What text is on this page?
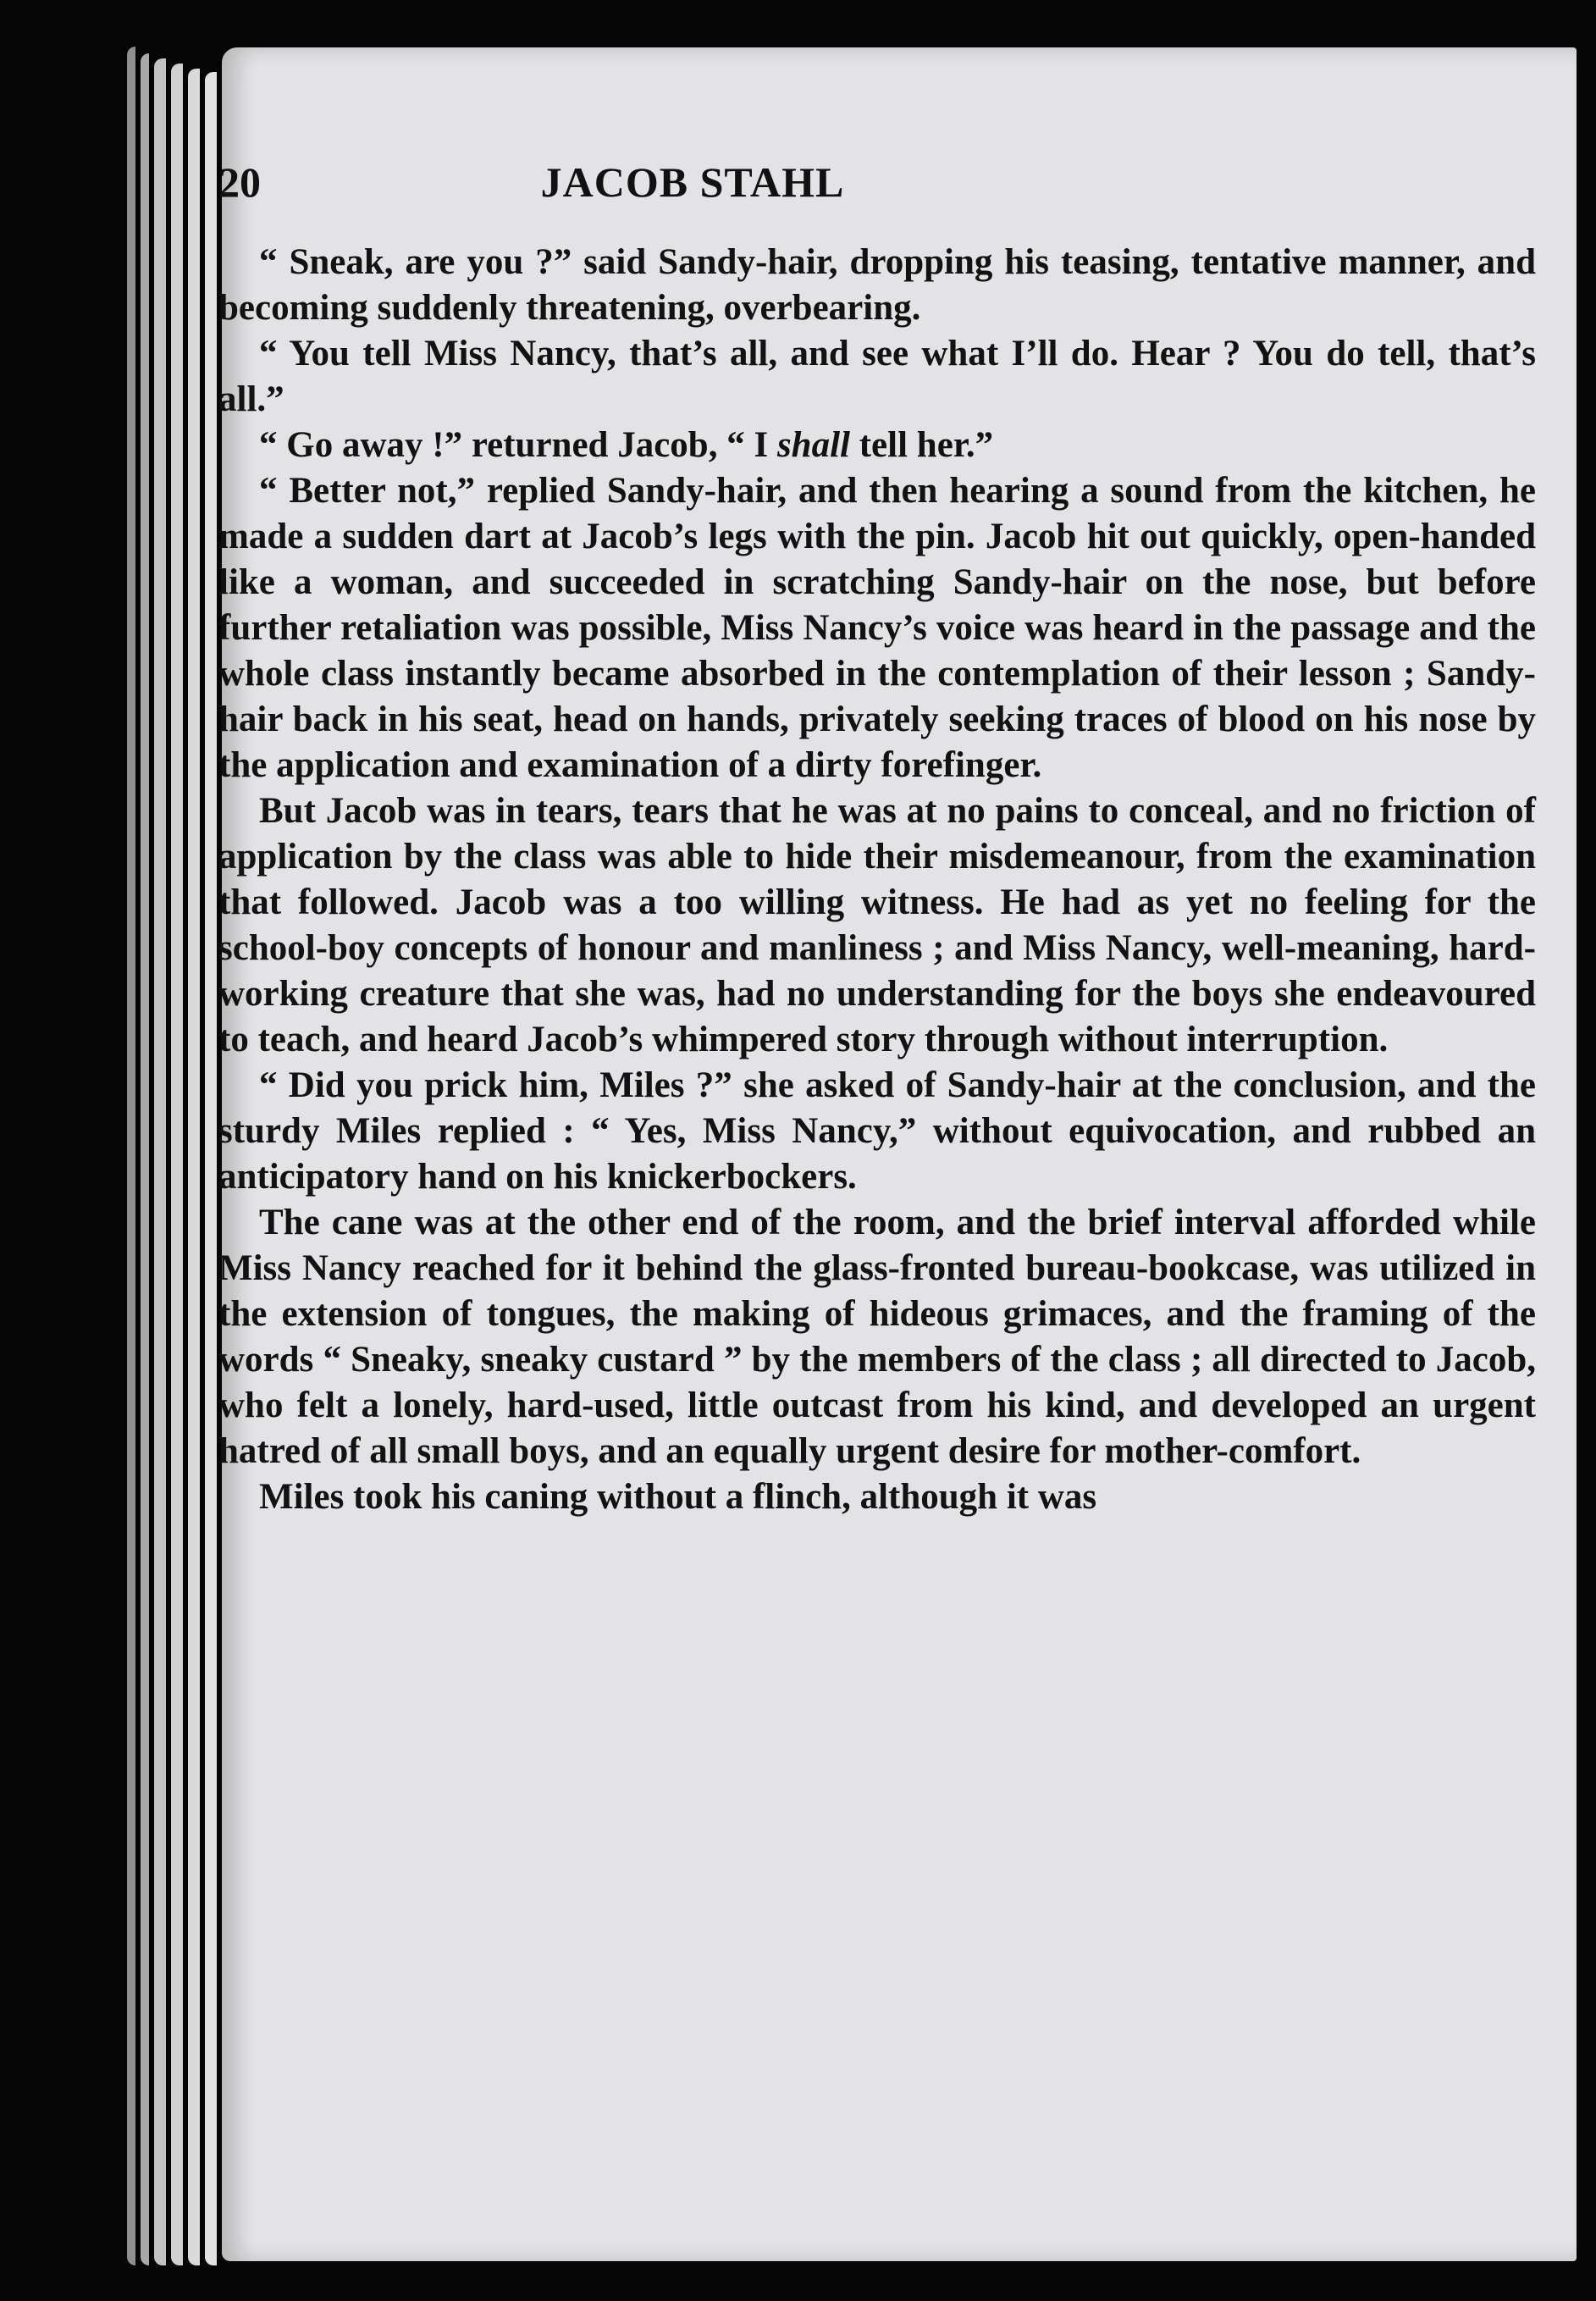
20	JACOB STAHL

“ Sneak, are you ?” said Sandy-hair, dropping his teasing, tentative manner, and becoming suddenly threatening, overbearing.

“ You tell Miss Nancy, that’s all, and see what I’ll do. Hear ? You do tell, that’s all.”

“ Go away !” returned Jacob, “ I shall tell her.”

“ Better not,” replied Sandy-hair, and then hearing a sound from the kitchen, he made a sudden dart at Jacob’s legs with the pin. Jacob hit out quickly, open-handed like a woman, and succeeded in scratching Sandy-hair on the nose, but before further retaliation was possible, Miss Nancy’s voice was heard in the passage and the whole class instantly became absorbed in the contemplation of their lesson ; Sandy-hair back in his seat, head on hands, privately seeking traces of blood on his nose by the application and examination of a dirty forefinger.

But Jacob was in tears, tears that he was at no pains to conceal, and no friction of application by the class was able to hide their misdemeanour, from the examination that followed. Jacob was a too willing witness. He had as yet no feeling for the school-boy concepts of honour and manliness ; and Miss Nancy, well-meaning, hard-working creature that she was, had no understanding for the boys she endeavoured to teach, and heard Jacob’s whimpered story through without interruption.

“ Did you prick him, Miles ?” she asked of Sandy-hair at the conclusion, and the sturdy Miles replied : “ Yes, Miss Nancy,” without equivocation, and rubbed an anticipatory hand on his knickerbockers.

The cane was at the other end of the room, and the brief interval afforded while Miss Nancy reached for it behind the glass-fronted bureau-bookcase, was utilized in the extension of tongues, the making of hideous grimaces, and the framing of the words “ Sneaky, sneaky custard ” by the members of the class ; all directed to Jacob, who felt a lonely, hard-used, little outcast from his kind, and developed an urgent hatred of all small boys, and an equally urgent desire for mother-comfort.

Miles took his caning without a flinch, although it was
